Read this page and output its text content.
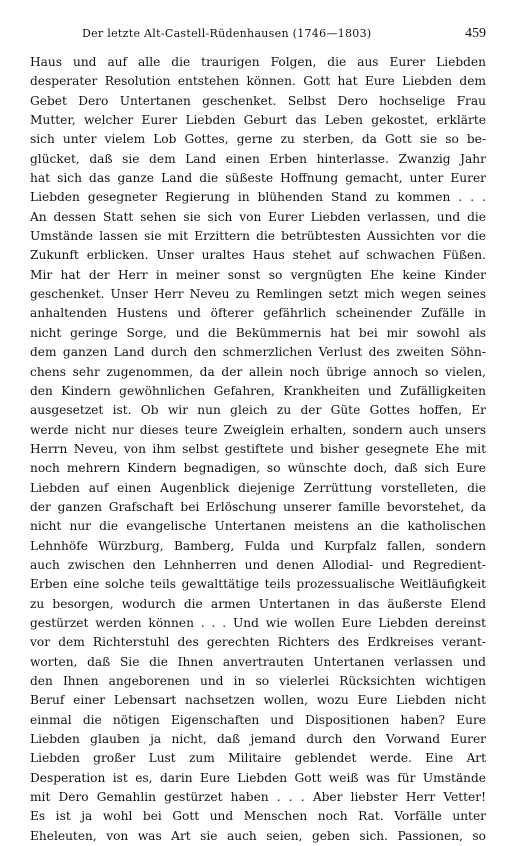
Der letzte Alt-Castell-Rüdenhausen (1746—1803)	459
Haus und auf alle die traurigen Folgen, die aus Eurer Liebden
desperater Resolution entstehen können. Gott hat Eure Liebden dem
Gebet Dero Untertanen geschenket. Selbst Dero hochselige Frau
Mutter, welcher Eurer Liebden Geburt das Leben gekostet, erklärte
sich unter vielem Lob Gottes, gerne zu sterben, da Gott sie so be-
glücket, daß sie dem Land einen Erben hinterlasse. Zwanzig Jahr
hat sich das ganze Land die süßeste Hoffnung gemacht, unter Eurer
Liebden gesegneter Regierung in blühenden Stand zu kommen . . .
An dessen Statt sehen sie sich von Eurer Liebden verlassen, und die
Umstände lassen sie mit Erzittern die betrübtesten Aussichten vor die
Zukunft erblicken. Unser uraltes Haus stehet auf schwachen Füßen.
Mir hat der Herr in meiner sonst so vergnügten Ehe keine Kinder
geschenket. Unser Herr Neveu zu Remlingen setzt mich wegen seines
anhaltenden Hustens und öfterer gefährlich scheinender Zufälle in
nicht geringe Sorge, und die Bekümmernis hat bei mir sowohl als
dem ganzen Land durch den schmerzlichen Verlust des zweiten Söhn-
chens sehr zugenommen, da der allein noch übrige annoch so vielen,
den Kindern gewöhnlichen Gefahren, Krankheiten und Zufälligkeiten
ausgesetzet ist. Ob wir nun gleich zu der Güte Gottes hoffen, Er
werde nicht nur dieses teure Zweiglein erhalten, sondern auch unsers
Herrn Neveu, von ihm selbst gestiftete und bisher gesegnete Ehe mit
noch mehrern Kindern begnadigen, so wünschte doch, daß sich Eure
Liebden auf einen Augenblick diejenige Zerrüttung vorstelleten, die
der ganzen Grafschaft bei Erlöschung unserer famille bevorstehet, da
nicht nur die evangelische Untertanen meistens an die katholischen
Lehnhöfe Würzburg, Bamberg, Fulda und Kurpfalz fallen, sondern
auch zwischen den Lehnherren und denen Allodial- und Regredient-
Erben eine solche teils gewalttätige teils prozessualische Weitläufigkeit
zu besorgen, wodurch die armen Untertanen in das äußerste Elend
gestürzet werden können . . . Und wie wollen Eure Liebden dereinst
vor dem Richterstuhl des gerechten Richters des Erdkreises verant-
worten, daß Sie die Ihnen anvertrauten Untertanen verlassen und
den Ihnen angeborenen und in so vielerlei Rücksichten wichtigen
Beruf einer Lebensart nachsetzen wollen, wozu Eure Liebden nicht
einmal die nötigen Eigenschaften und Dispositionen haben? Eure
Liebden glauben ja nicht, daß jemand durch den Vorwand Eurer
Liebden großer Lust zum Militaire geblendet werde. Eine Art
Desperation ist es, darin Eure Liebden Gott weiß was für Umstände
mit Dero Gemahlin gestürzet haben . . . Aber liebster Herr Vetter!
Es ist ja wohl bei Gott und Menschen noch Rat. Vorfälle unter
Eheleuten, von was Art sie auch seien, geben sich. Passionen, so
